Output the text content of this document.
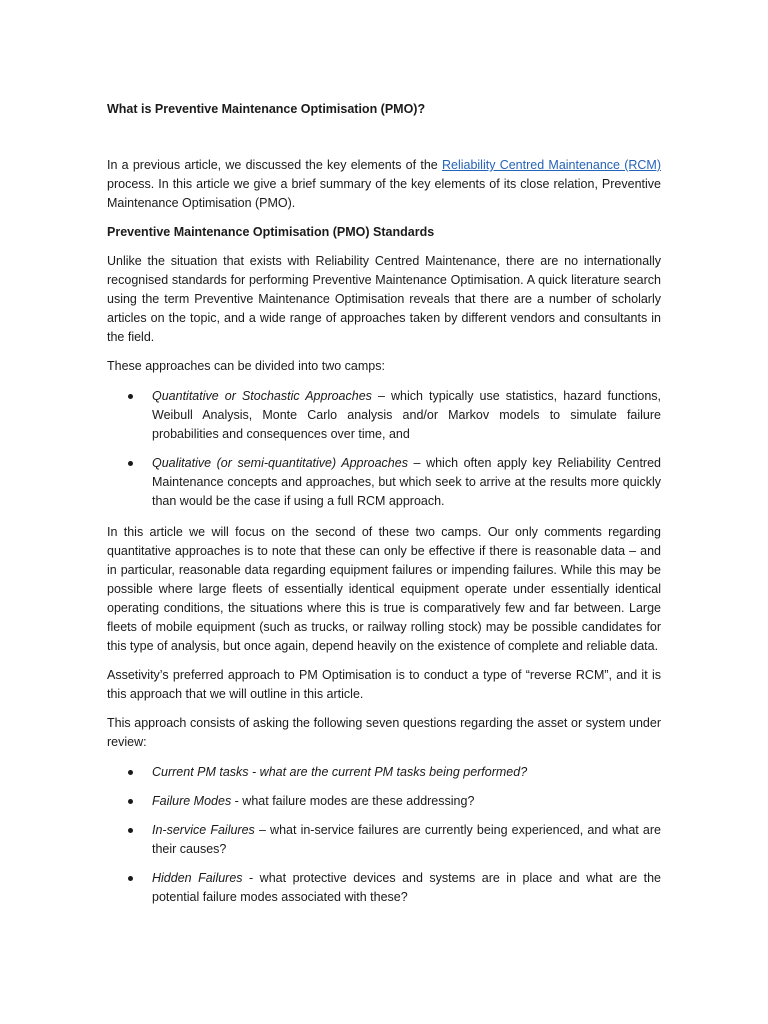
What is Preventive Maintenance Optimisation (PMO)?

In a previous article, we discussed the key elements of the Reliability Centred Maintenance (RCM) process. In this article we give a brief summary of the key elements of its close relation, Preventive Maintenance Optimisation (PMO).

Preventive Maintenance Optimisation (PMO) Standards

Unlike the situation that exists with Reliability Centred Maintenance, there are no internationally recognised standards for performing Preventive Maintenance Optimisation. A quick literature search using the term Preventive Maintenance Optimisation reveals that there are a number of scholarly articles on the topic, and a wide range of approaches taken by different vendors and consultants in the field.

These approaches can be divided into two camps:

Quantitative or Stochastic Approaches – which typically use statistics, hazard functions, Weibull Analysis, Monte Carlo analysis and/or Markov models to simulate failure probabilities and consequences over time, and
Qualitative (or semi-quantitative) Approaches – which often apply key Reliability Centred Maintenance concepts and approaches, but which seek to arrive at the results more quickly than would be the case if using a full RCM approach.

In this article we will focus on the second of these two camps. Our only comments regarding quantitative approaches is to note that these can only be effective if there is reasonable data – and in particular, reasonable data regarding equipment failures or impending failures. While this may be possible where large fleets of essentially identical equipment operate under essentially identical operating conditions, the situations where this is true is comparatively few and far between. Large fleets of mobile equipment (such as trucks, or railway rolling stock) may be possible candidates for this type of analysis, but once again, depend heavily on the existence of complete and reliable data.

Assetivity’s preferred approach to PM Optimisation is to conduct a type of “reverse RCM”, and it is this approach that we will outline in this article.

This approach consists of asking the following seven questions regarding the asset or system under review:

Current PM tasks - what are the current PM tasks being performed?
Failure Modes - what failure modes are these addressing?
In-service Failures – what in-service failures are currently being experienced, and what are their causes?
Hidden Failures - what protective devices and systems are in place and what are the potential failure modes associated with these?
